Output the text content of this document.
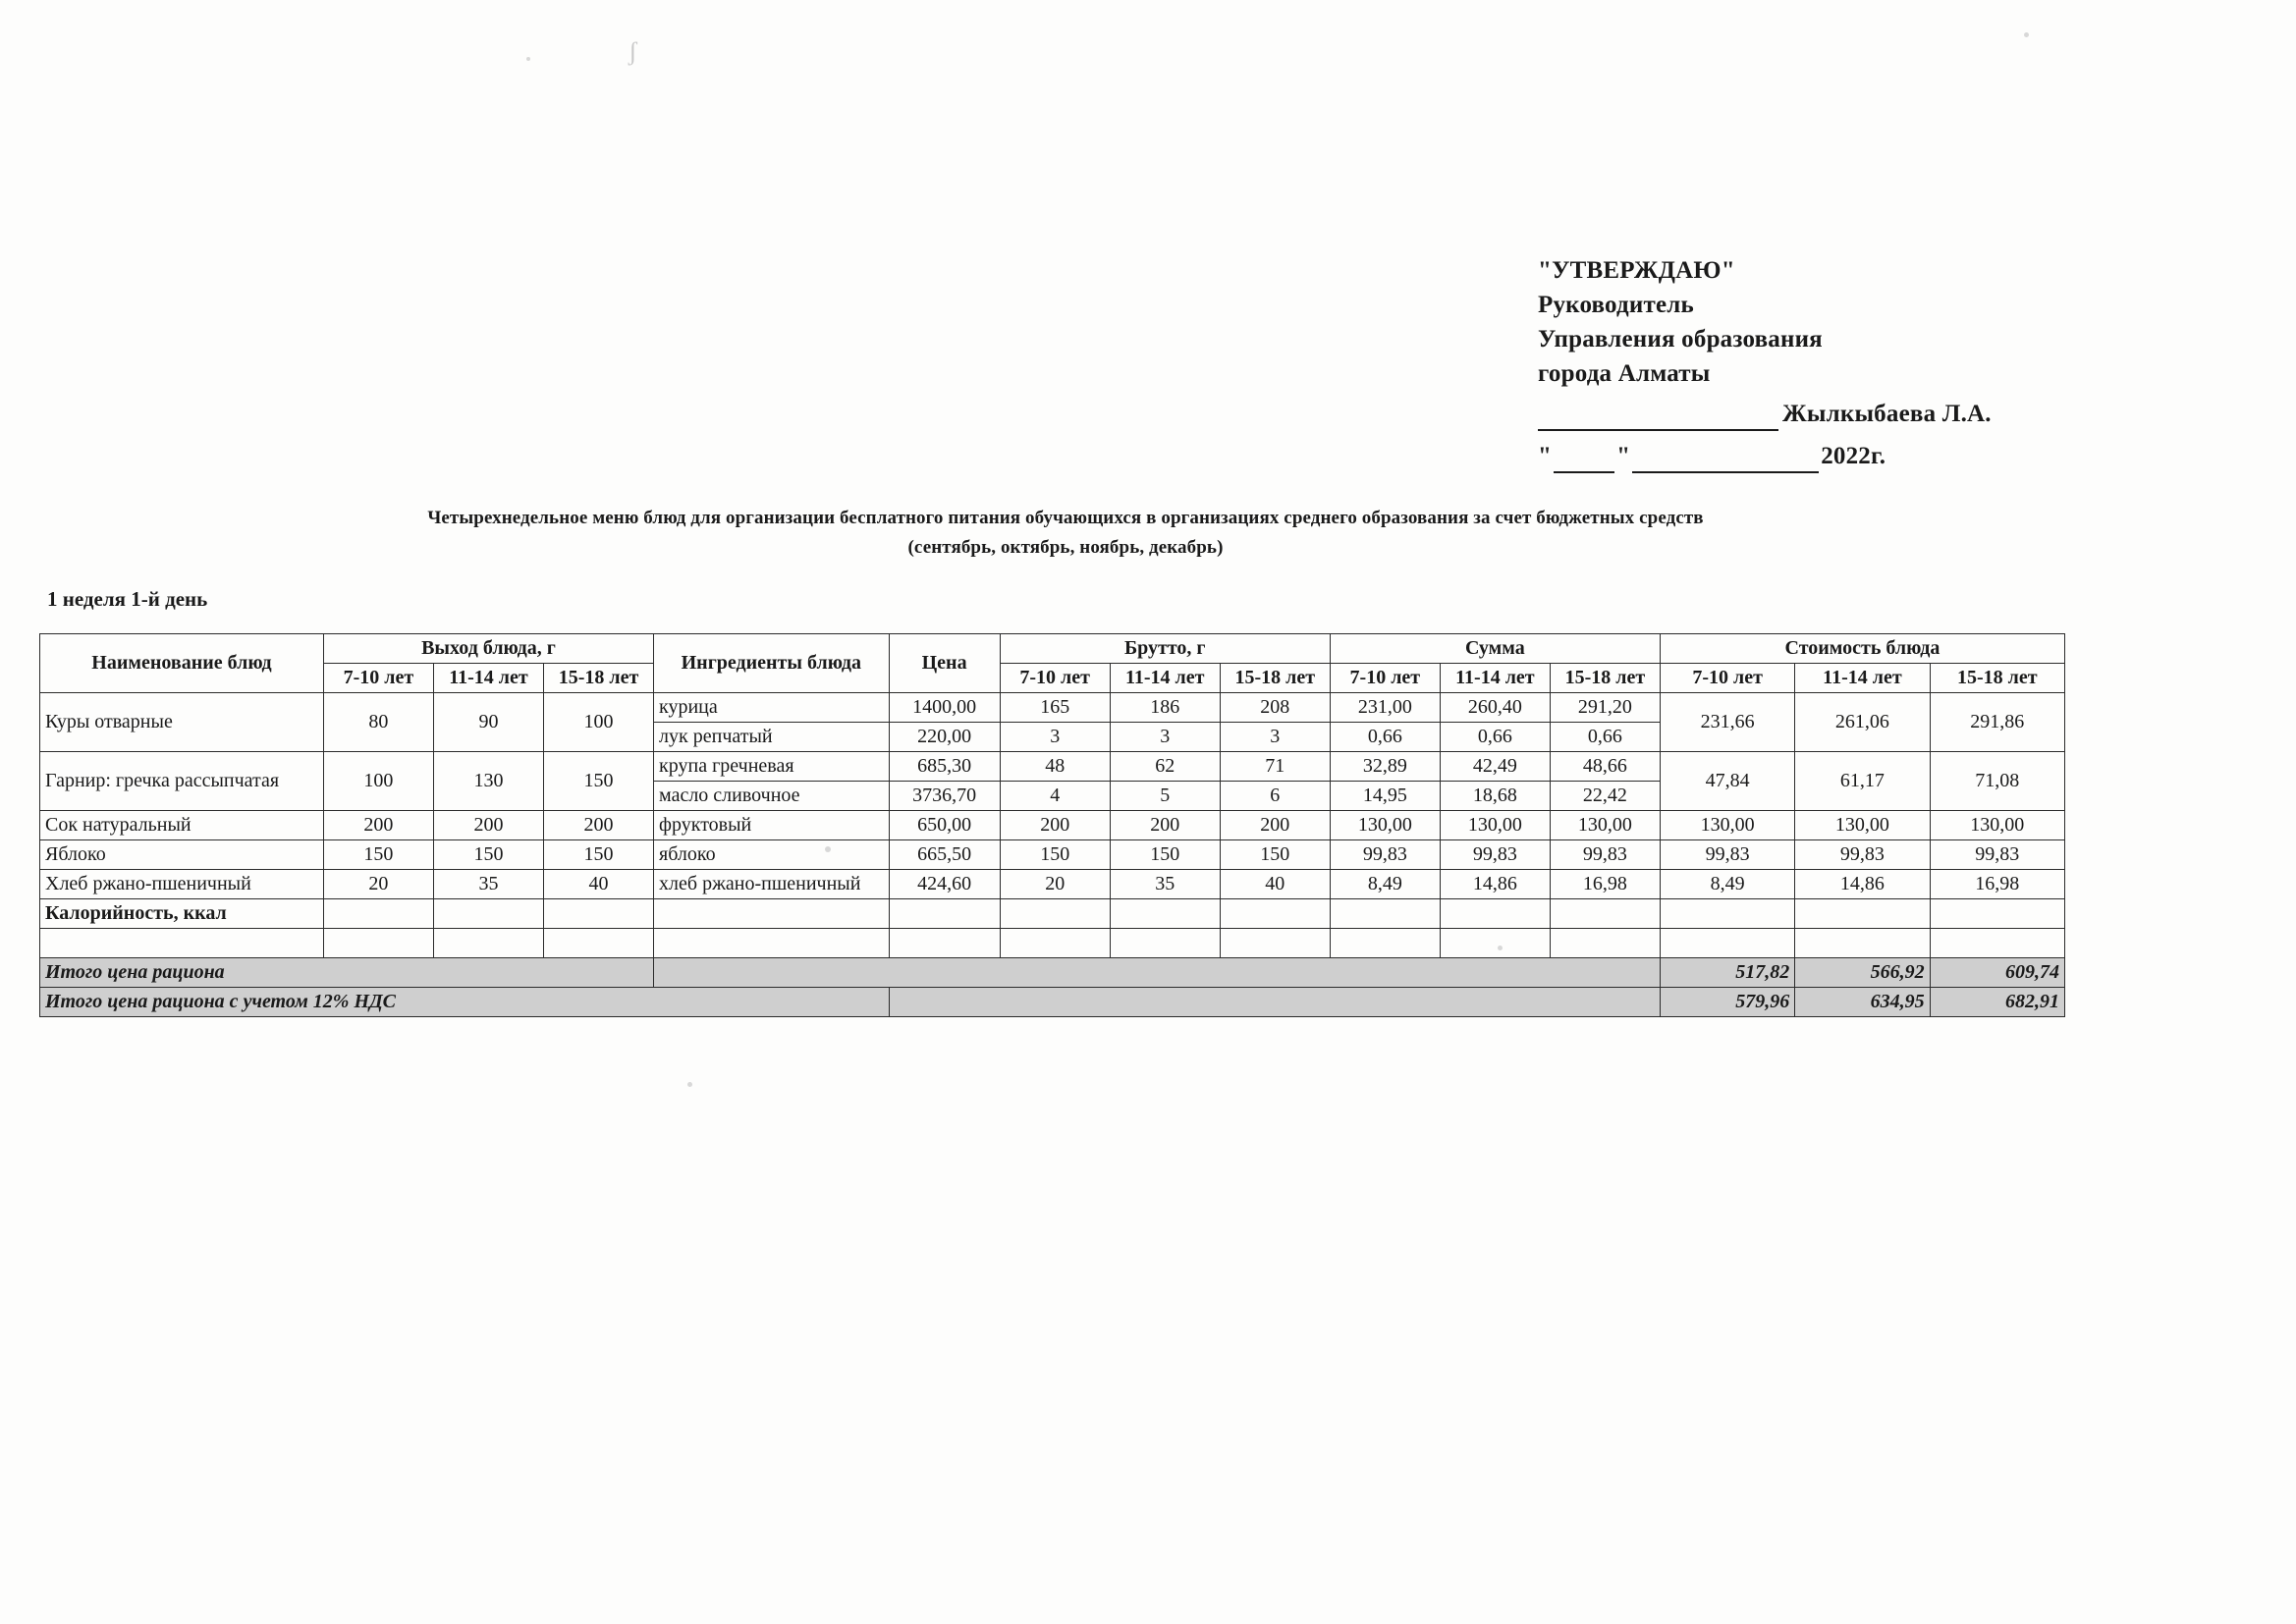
ʃ
"УТВЕРЖДАЮ"
Руководитель
Управления образования
города Алматы
Жылкыбаева Л.А.
"	"	2022г.
Четырехнедельное меню блюд для организации бесплатного питания обучающихся в организациях среднего образования за счет бюджетных средств
(сентябрь, октябрь, ноябрь, декабрь)
1 неделя 1-й день
Наименование блюд	Выход блюда, г			Ингредиенты блюда	Цена	Брутто, г			Сумма			Стоимость блюда		
	7-10 лет	11-14 лет	15-18 лет			7-10 лет	11-14 лет	15-18 лет	7-10 лет	11-14 лет	15-18 лет	7-10 лет	11-14 лет	15-18 лет
Куры отварные	80	90	100	курица	1400,00	165	186	208	231,00	260,40	291,20	231,66	261,06	291,86
				лук репчатый	220,00	3	3	3	0,66	0,66	0,66			
Гарнир: гречка рассыпчатая	100	130	150	крупа гречневая	685,30	48	62	71	32,89	42,49	48,66	47,84	61,17	71,08
				масло сливочное	3736,70	4	5	6	14,95	18,68	22,42			
Сок натуральный	200	200	200	фруктовый	650,00	200	200	200	130,00	130,00	130,00	130,00	130,00	130,00
Яблоко	150	150	150	яблоко	665,50	150	150	150	99,83	99,83	99,83	99,83	99,83	99,83
Хлеб ржано-пшеничный	20	35	40	хлеб ржано-пшеничный	424,60	20	35	40	8,49	14,86	16,98	8,49	14,86	16,98
Калорийность, ккал														

Итого цена рациона												517,82	566,92	609,74
Итого цена рациона с учетом 12% НДС												579,96	634,95	682,91
